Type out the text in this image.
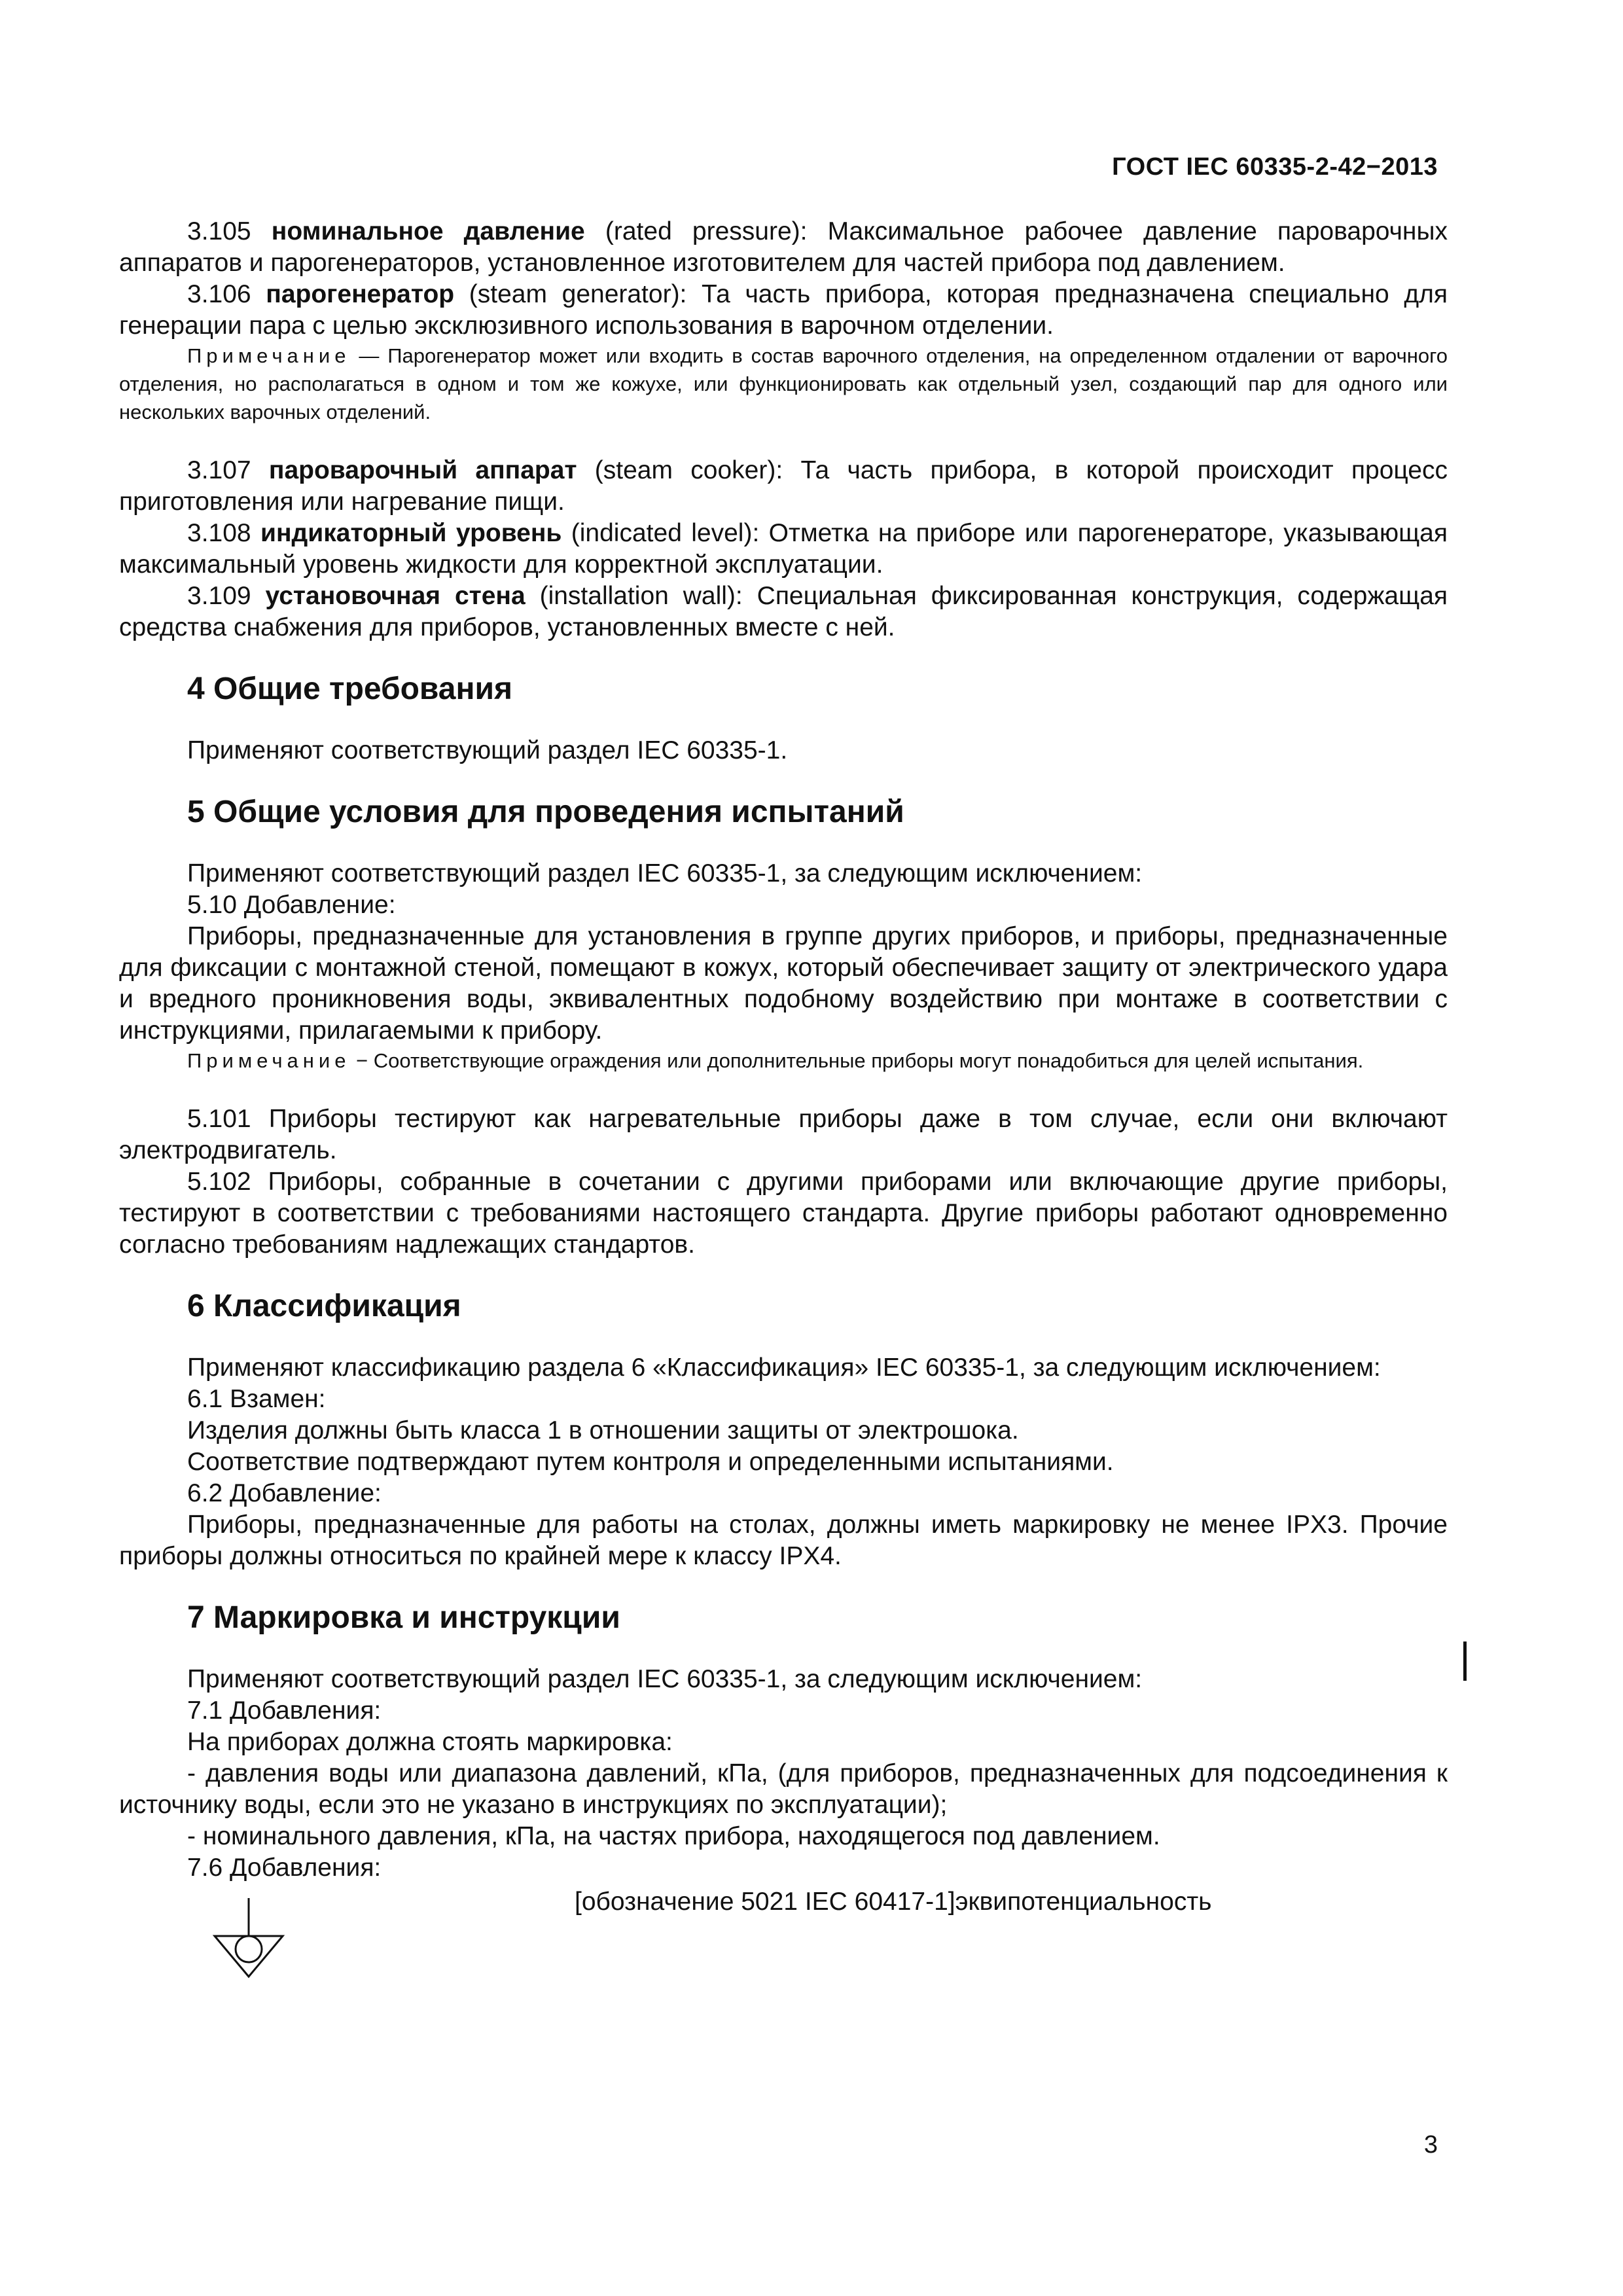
ГОСТ IEC 60335-2-42−2013

3.105 номинальное давление (rated pressure): Максимальное рабочее давление пароварочных аппаратов и парогенераторов, установленное изготовителем для частей прибора под давлением.

3.106 парогенератор (steam generator): Та часть прибора, которая предназначена специально для генерации пара с целью эксклюзивного использования в варочном отделении.

Примечание — Парогенератор может или входить в состав варочного отделения, на определенном отдалении от варочного отделения, но располагаться в одном и том же кожухе, или функционировать как отдельный узел, создающий пар для одного или нескольких варочных отделений.

3.107 пароварочный аппарат (steam cooker): Та часть прибора, в которой происходит процесс приготовления или нагревание пищи.

3.108 индикаторный уровень (indicated level): Отметка на приборе или парогенераторе, указывающая максимальный уровень жидкости для корректной эксплуатации.

3.109 установочная стена (installation wall): Специальная фиксированная конструкция, содержащая средства снабжения для приборов, установленных вместе с ней.

4 Общие требования

Применяют соответствующий раздел IEC 60335-1.

5 Общие условия для проведения испытаний

Применяют соответствующий раздел IEC 60335-1, за следующим исключением:

5.10 Добавление:

Приборы, предназначенные для установления в группе других приборов, и приборы, предназначенные для фиксации с монтажной стеной, помещают в кожух, который обеспечивает защиту от электрического удара и вредного проникновения воды, эквивалентных подобному воздействию при монтаже в соответствии с инструкциями, прилагаемыми к прибору.

Примечание − Соответствующие ограждения или дополнительные приборы могут понадобиться для целей испытания.

5.101 Приборы тестируют как нагревательные приборы даже в том случае, если они включают электродвигатель.

5.102 Приборы, собранные в сочетании с другими приборами или включающие другие приборы, тестируют в соответствии с требованиями настоящего стандарта. Другие приборы работают одновременно согласно требованиям надлежащих стандартов.

6 Классификация

Применяют классификацию раздела 6 «Классификация» IEC 60335-1, за следующим исключением:

6.1 Взамен:

Изделия должны быть класса 1 в отношении защиты от электрошока.

Соответствие подтверждают путем контроля и определенными испытаниями.

6.2 Добавление:

Приборы, предназначенные для работы на столах, должны иметь маркировку не менее IPX3. Прочие приборы должны относиться по крайней мере к классу IPX4.

7 Маркировка и инструкции

Применяют соответствующий раздел IEC 60335-1, за следующим исключением:

7.1 Добавления:

На приборах должна стоять маркировка:

- давления воды или диапазона давлений, кПа, (для приборов, предназначенных для подсоединения к источнику воды, если это не указано в инструкциях по эксплуатации);

- номинального давления, кПа, на частях прибора, находящегося под давлением.

7.6 Добавления:

[обозначение 5021 IEC 60417-1]эквипотенциальность
3
